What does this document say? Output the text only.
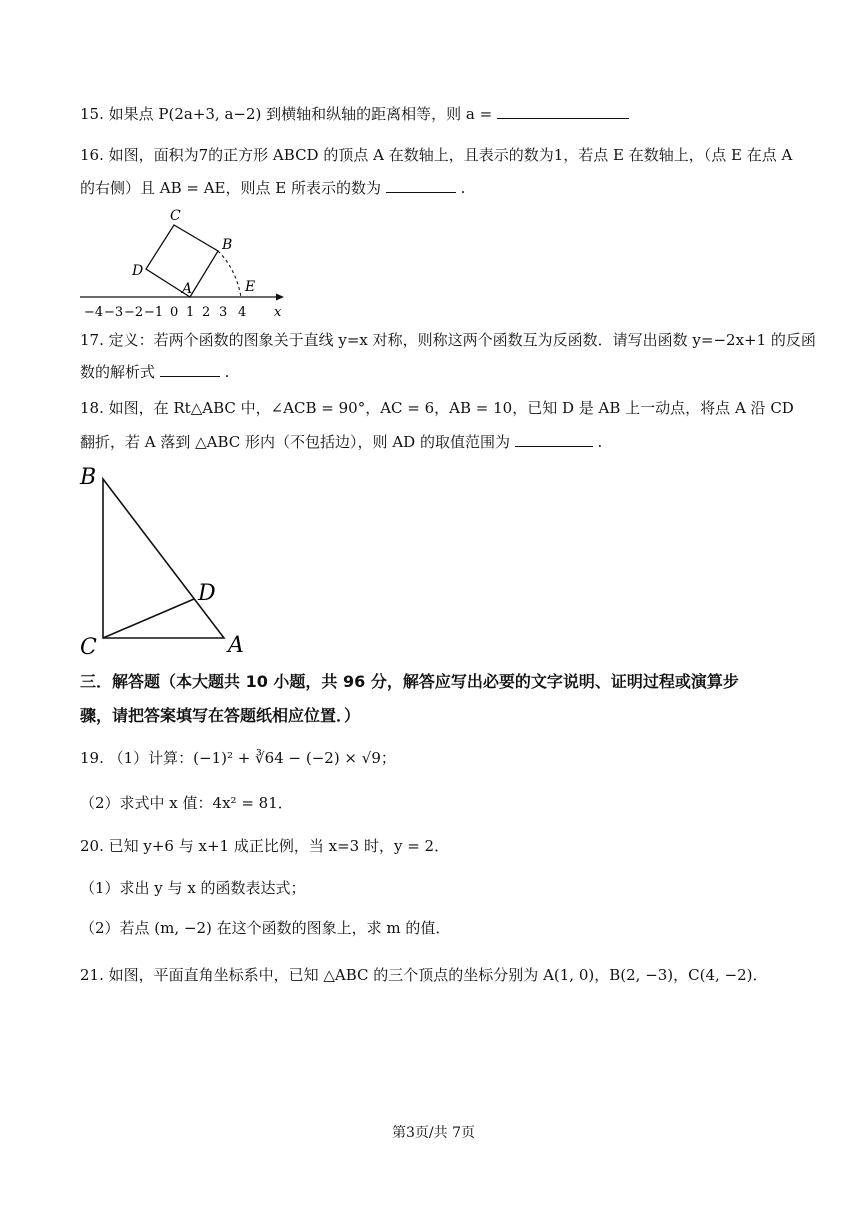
15. 如果点 P(2a+3, a−2) 到横轴和纵轴的距离相等，则 a =
16. 如图，面积为7的正方形 ABCD 的顶点 A 在数轴上，且表示的数为1，若点 E 在数轴上，（点 E 在点 A
的右侧）且 AB = AE，则点 E 所表示的数为	.
C
B
D
A	E
x
−4 −3 −2 −1 0 1 2 3 4
17. 定义：若两个函数的图象关于直线 y=x 对称，则称这两个函数互为反函数．请写出函数 y=−2x+1 的反函
数的解析式	.
18. 如图，在 Rt△ABC 中，∠ACB = 90°，AC = 6，AB = 10，已知 D 是 AB 上一动点，将点 A 沿 CD
翻折，若 A 落到 △ABC 形内（不包括边），则 AD 的取值范围为	.
B
D
C	A
三．解答题（本大题共 10 小题，共 96 分，解答应写出必要的文字说明、证明过程或演算步
骤，请把答案填写在答题纸相应位置．）
19. （1）计算：(−1)² + ∛64 − (−2) × √9；
（2）求式中 x 值：4x² = 81．
20. 已知 y+6 与 x+1 成正比例，当 x=3 时，y = 2．
（1）求出 y 与 x 的函数表达式；
（2）若点 (m, −2) 在这个函数的图象上，求 m 的值．
21. 如图，平面直角坐标系中，已知 △ABC 的三个顶点的坐标分别为 A(1, 0)，B(2, −3)，C(4, −2)．
第3页/共 7页
